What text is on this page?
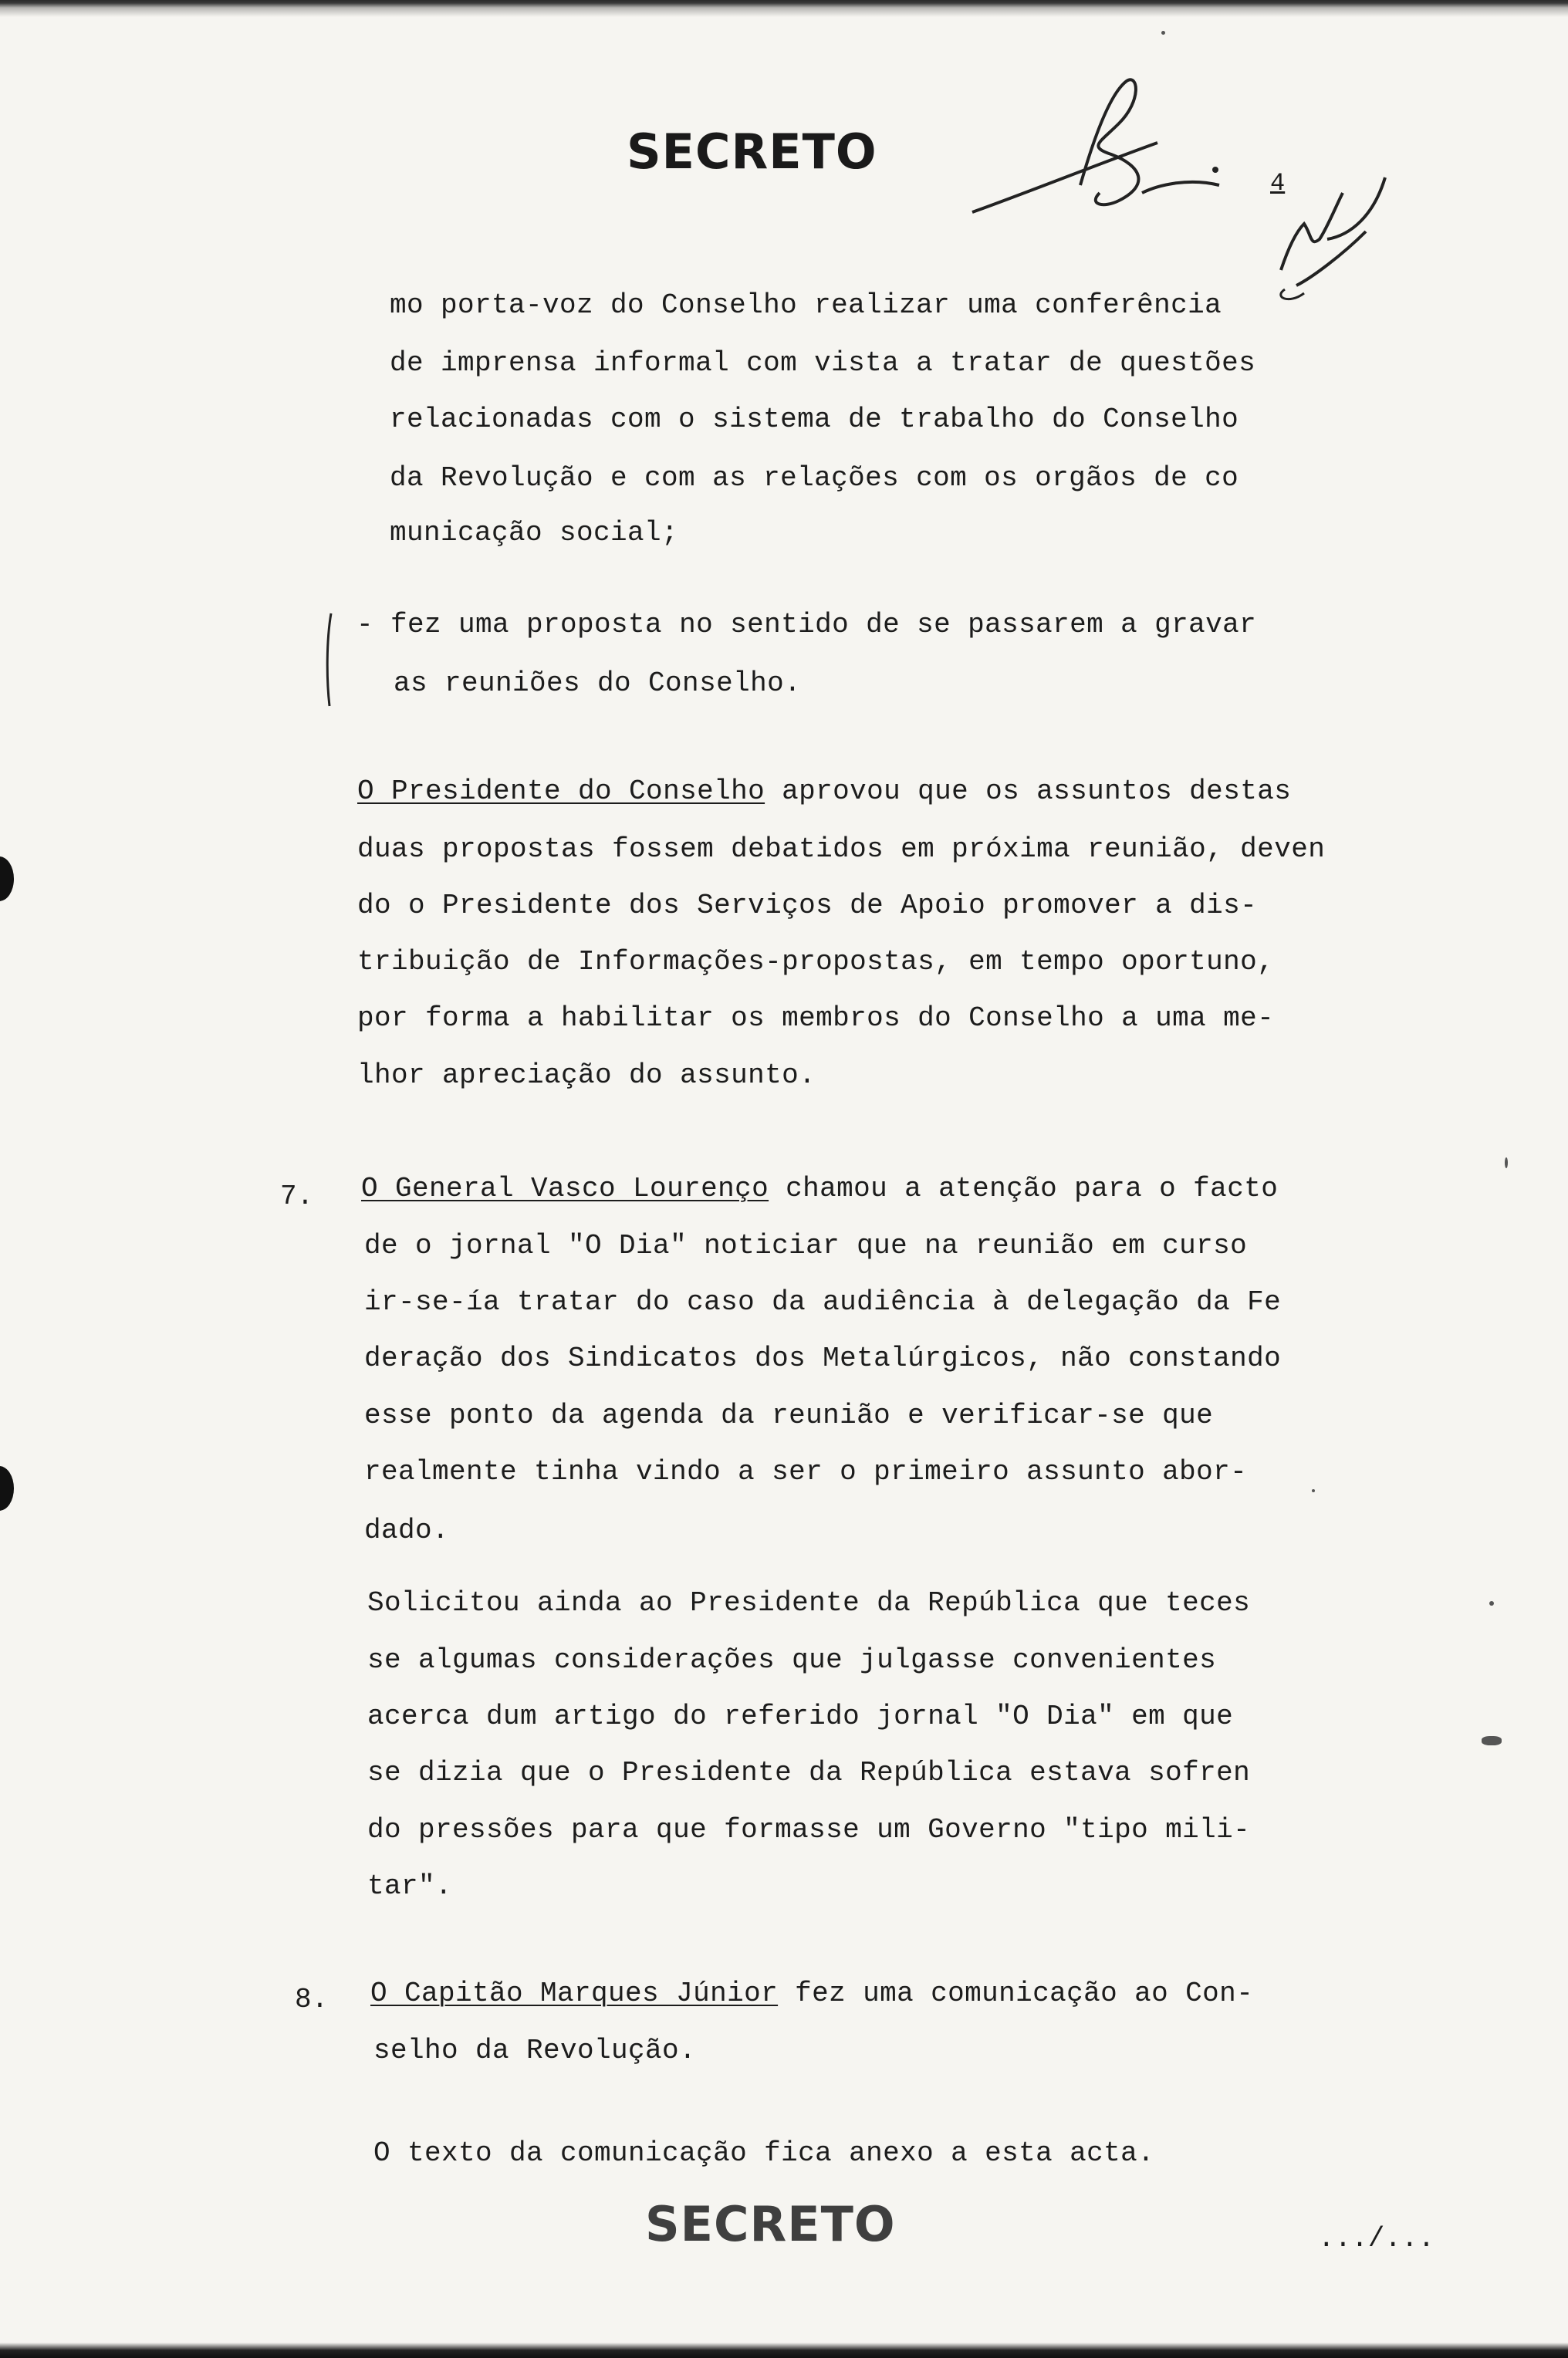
SECRETO
4
mo porta-voz do Conselho realizar uma conferência
de imprensa informal com vista a tratar de questões
relacionadas com o sistema de trabalho do Conselho
da Revolução e com as relações com os orgãos de co
municação social;
- fez uma proposta no sentido de se passarem a gravar
as reuniões do Conselho.
O Presidente do Conselho aprovou que os assuntos destas
duas propostas fossem debatidos em próxima reunião, deven
do o Presidente dos Serviços de Apoio promover a dis-
tribuição de Informações-propostas, em tempo oportuno,
por forma a habilitar os membros do Conselho a uma me-
lhor apreciação do assunto.
7. O General Vasco Lourenço chamou a atenção para o facto
de o jornal "O Dia" noticiar que na reunião em curso
ir-se-ía tratar do caso da audiência à delegação da Fe
deração dos Sindicatos dos Metalúrgicos, não constando
esse ponto da agenda da reunião e verificar-se que
realmente tinha vindo a ser o primeiro assunto abor-
dado.
Solicitou ainda ao Presidente da República que teces
se algumas considerações que julgasse convenientes
acerca dum artigo do referido jornal "O Dia" em que
se dizia que o Presidente da República estava sofren
do pressões para que formasse um Governo "tipo mili-
tar".
8. O Capitão Marques Júnior fez uma comunicação ao Con-
selho da Revolução.
O texto da comunicação fica anexo a esta acta.
SECRETO	.../...
